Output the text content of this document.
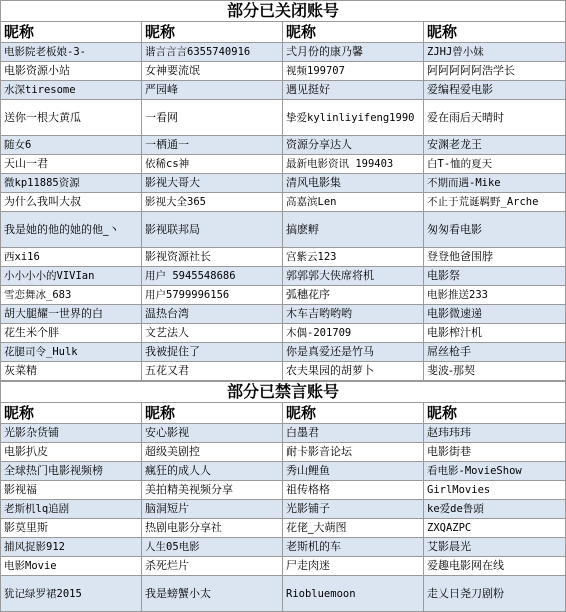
部分已关闭账号			
昵称	昵称	昵称	昵称
电影院老板娘-3-	谐言言言6355740916	弍月份的康乃馨	ZJHJ曾小妹
电影资源小站	女神要流氓	视频199707	阿阿阿阿阿浩学长
水深tiresome	严园峰	遇见挺好	爱编程爱电影
送你一根大黄瓜	一看网	挚爱kylinliyifeng1990	爱在雨后天晴时
随女6	一栖通一	资源分享达人	安渊老龙王
天山一君	依稀cs神	最新电影资讯 199403	白T-恤的夏天
微kp11885资源	影视大哥大	清风电影集	不期而遇-Mike
为什么我叫大叔	影视大全365	高嘉滨Len	不止于荒诞羁野_Arche
我是她的他的她的他_丶	影视联邦局	搞麽孵	匆匆看电影
西xi16	影视资源社长	宫紫云123	登登他爸围脖
小小小小的VIVIan	用户 5945548686	郭郭郭大侠席将机	电影祭
雪恋舞冰_683	用户5799996156	弧穗花序	电影推送233
胡大腿耀一世界的白	温热台湾	木车吉哟哟哟	电影微速递
花生米个胖	文艺法人	木偶-201709	电影榨汁机
花腿司令_Hulk	我被捉住了	你是真爱还是竹马	屌丝枪手
灰菜精	五花又君	农夫果园的胡萝卜	斐波-那契
部分已禁言账号			
昵称	昵称	昵称	昵称
光影杂货铺	安心影视	白墨君	赵玮玮玮
电影扒皮	超级美剧控	耐卡影音论坛	电影街巷
全球热门电影视频榜	瘋狂的成人人	秀山鲤鱼	看电影-MovieShow
影视福	美拍精美视频分享	祖传格格	GirlMovies
老斯机lq追剧	脑洞短片	光影铺子	ke爱de鲁頭
影莫里斯	热剧电影分享社	花佬_大蒴图	ZXQAZPC
捕风捉影912	人生05电影	老斯机的车	艾影晨光
电影Movie	杀死烂片	尸走肉迷	爱趣电影网在线
犹记绿罗裙2015	我是螃蟹小太	Riobluemoon	走乂日尧刀剧粉
